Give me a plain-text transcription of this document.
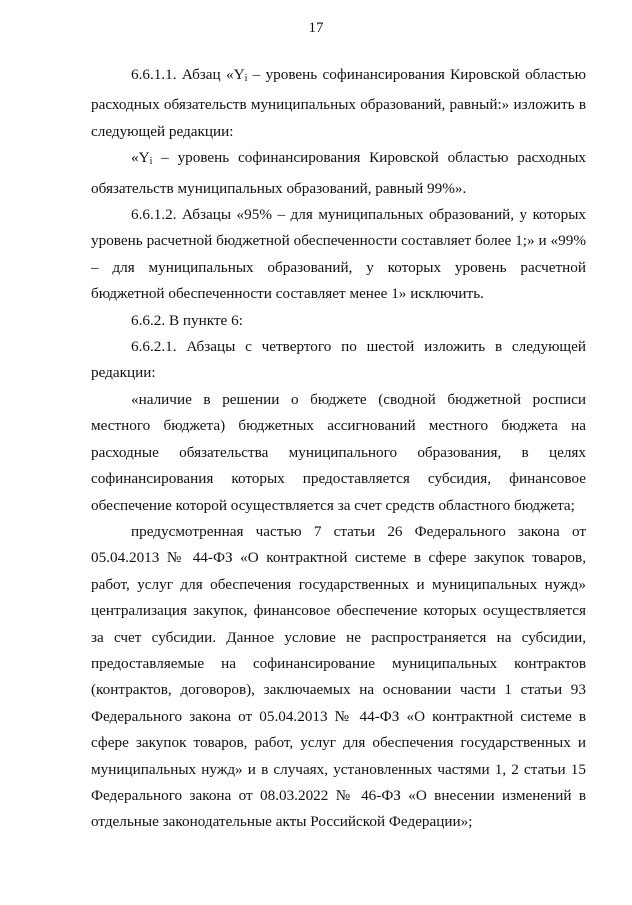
17

6.6.1.1. Абзац «$Y_i$ – уровень софинансирования Кировской областью расходных обязательств муниципальных образований, равный:» изложить в следующей редакции:

«$Y_i$ – уровень софинансирования Кировской областью расходных обязательств муниципальных образований, равный 99%».

6.6.1.2. Абзацы «95% – для муниципальных образований, у которых уровень расчетной бюджетной обеспеченности составляет более 1;» и «99% – для муниципальных образований, у которых уровень расчетной бюджетной обеспеченности составляет менее 1» исключить.

6.6.2. В пункте 6:

6.6.2.1. Абзацы с четвертого по шестой изложить в следующей редакции:

«наличие в решении о бюджете (сводной бюджетной росписи местного бюджета) бюджетных ассигнований местного бюджета на расходные обязательства муниципального образования, в целях софинансирования которых предоставляется субсидия, финансовое обеспечение которой осуществляется за счет средств областного бюджета;

предусмотренная частью 7 статьи 26 Федерального закона от 05.04.2013 № 44-ФЗ «О контрактной системе в сфере закупок товаров, работ, услуг для обеспечения государственных и муниципальных нужд» централизация закупок, финансовое обеспечение которых осуществляется за счет субсидии. Данное условие не распространяется на субсидии, предоставляемые на софинансирование муниципальных контрактов (контрактов, договоров), заключаемых на основании части 1 статьи 93 Федерального закона от 05.04.2013 № 44-ФЗ «О контрактной системе в сфере закупок товаров, работ, услуг для обеспечения государственных и муниципальных нужд» и в случаях, установленных частями 1, 2 статьи 15 Федерального закона от 08.03.2022 № 46-ФЗ «О внесении изменений в отдельные законодательные акты Российской Федерации»;
